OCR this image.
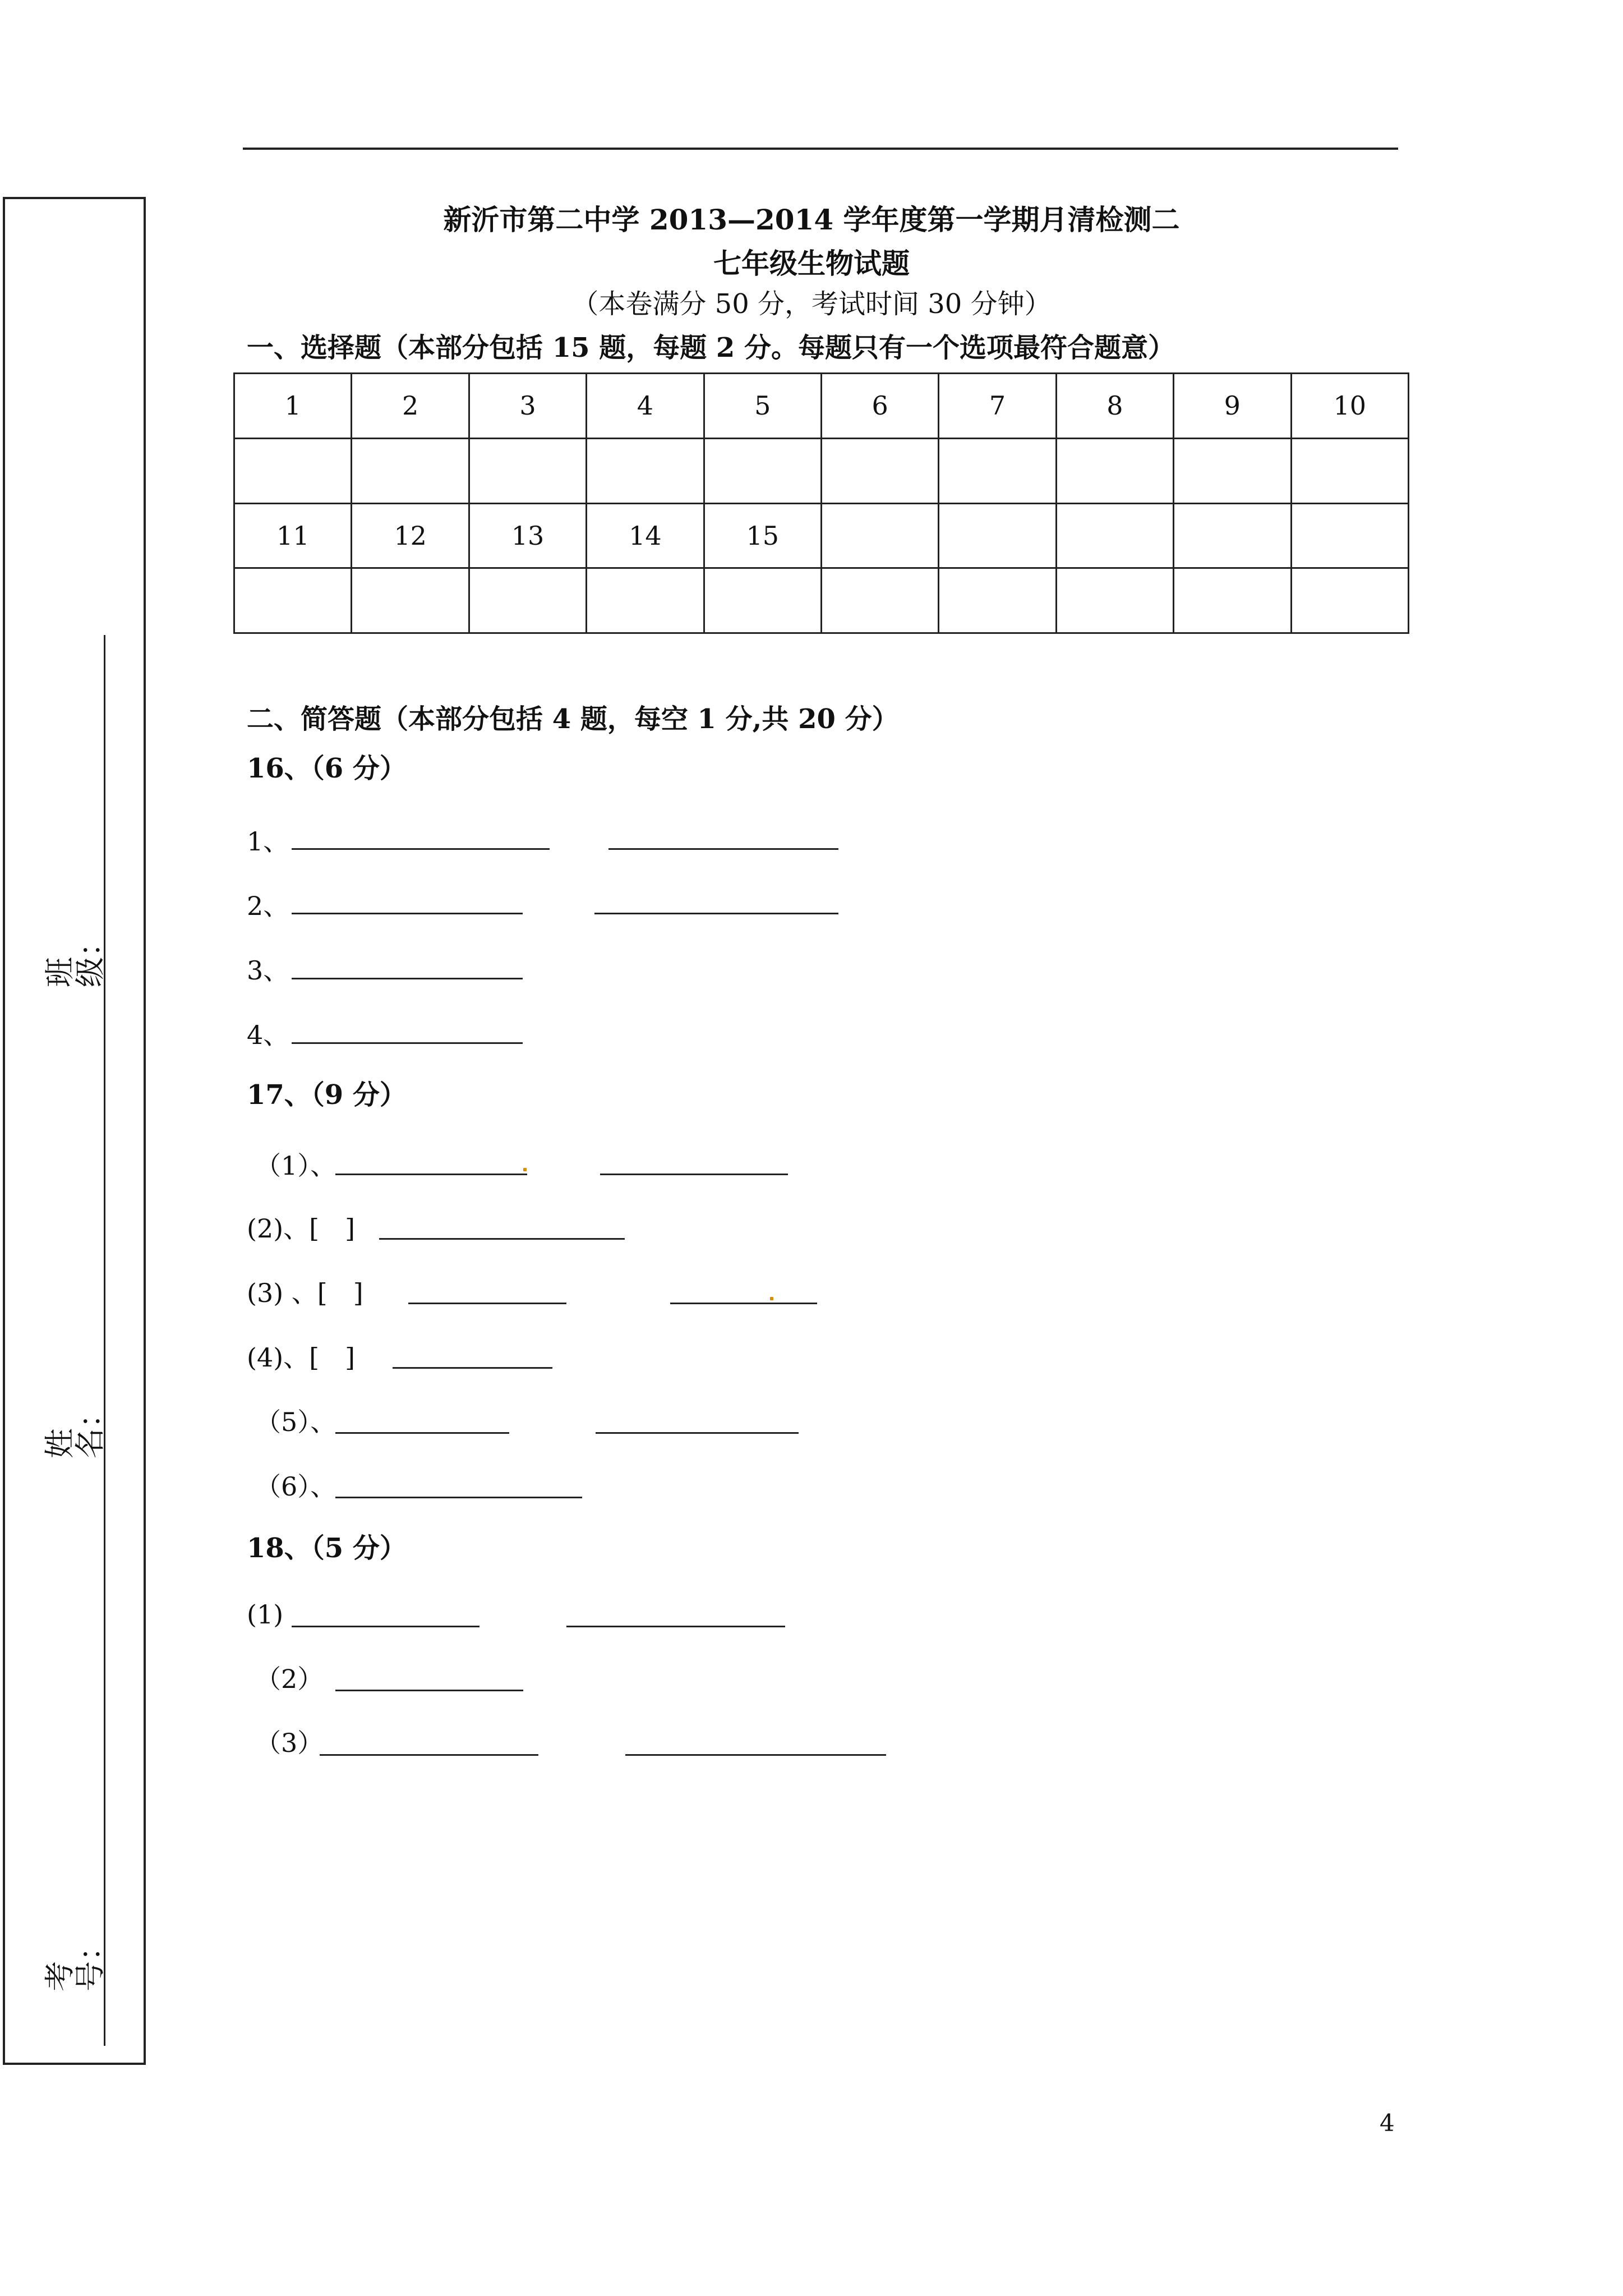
班级：
姓名：
考号：
新沂市第二中学 2013—2014 学年度第一学期月清检测二
七年级生物试题
（本卷满分 50 分，考试时间 30 分钟）
一、选择题（本部分包括 15 题，每题 2 分。每题只有一个选项最符合题意）
1	2	3	4	5	6	7	8	9	10

11	12	13	14	15					

二、简答题（本部分包括 4 题，每空 1 分,共 20 分）
16、（6 分）
1、
2、
3、
4、
17、（9 分）
（1）、
(2)、[　]
(3) 、[　]
(4)、[　]
（5）、
（6）、
18、（5 分）
(1)
（2）
（3）
4
